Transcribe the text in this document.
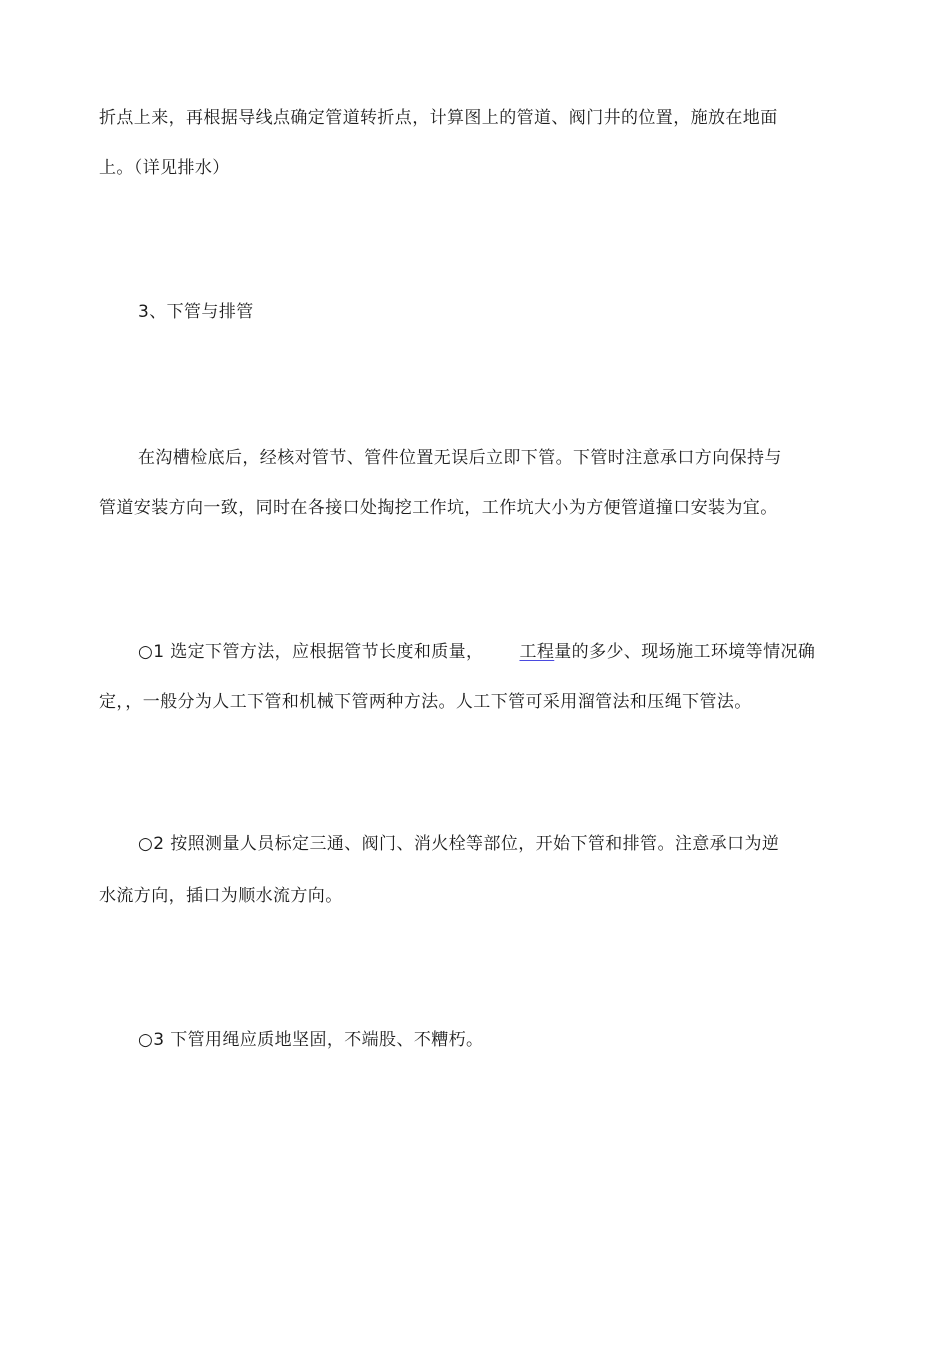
折点上来，再根据导线点确定管道转折点，计算图上的管道、阀门井的位置，施放在地面
上。（详见排水）
3、下管与排管
在沟槽检底后，经核对管节、管件位置无误后立即下管。下管时注意承口方向保持与
管道安装方向一致，同时在各接口处掏挖工作坑，工作坑大小为方便管道撞口安装为宜。
○1 选定下管方法，应根据管节长度和质量， 工程量的多少、现场施工环境等情况确
定，，一般分为人工下管和机械下管两种方法。人工下管可采用溜管法和压绳下管法。
○2 按照测量人员标定三通、阀门、消火栓等部位，开始下管和排管。注意承口为逆
水流方向，插口为顺水流方向。
○3 下管用绳应质地坚固，不端股、不糟朽。
